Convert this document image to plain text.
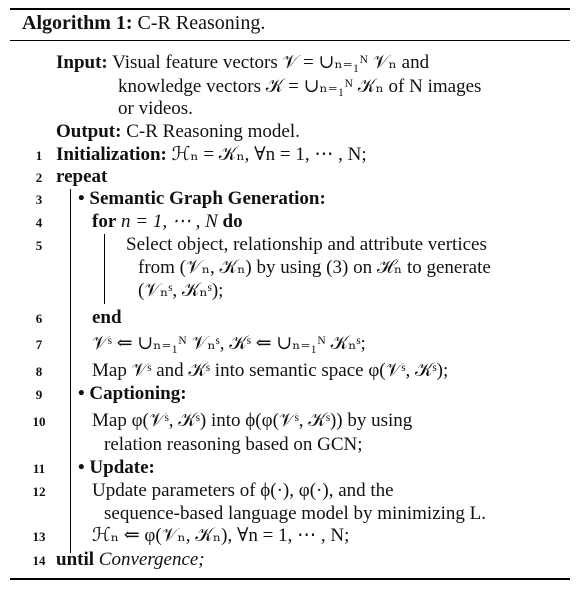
Algorithm 1: C-R Reasoning.
Input: Visual feature vectors 𝒱 = ∪ₙ₌₁ᴺ 𝒱ₙ and
knowledge vectors 𝒦 = ∪ₙ₌₁ᴺ 𝒦ₙ of N images
or videos.
Output: C-R Reasoning model.
1 Initialization: ℋₙ = 𝒦ₙ, ∀n = 1, ⋯ , N;
2 repeat
3	• Semantic Graph Generation:
4	for n = 1, ⋯ , N do
5	Select object, relationship and attribute vertices
from (𝒱ₙ, 𝒦ₙ) by using (3) on ℋₙ to generate
(𝒱ₙˢ, 𝒦ₙˢ);
6	end
7	𝒱ˢ ⇐ ∪ₙ₌₁ᴺ 𝒱ₙˢ, 𝒦ˢ ⇐ ∪ₙ₌₁ᴺ 𝒦ₙˢ;
8	Map 𝒱ˢ and 𝒦ˢ into semantic space φ(𝒱ˢ, 𝒦ˢ);
9	• Captioning:
10 Map φ(𝒱ˢ, 𝒦ˢ) into ϕ(φ(𝒱ˢ, 𝒦ˢ)) by using
relation reasoning based on GCN;
11 • Update:
12 Update parameters of ϕ(·), φ(·), and the
sequence-based language model by minimizing L.
13 ℋₙ ⇐ φ(𝒱ₙ, 𝒦ₙ), ∀n = 1, ⋯ , N;
14 until Convergence;
